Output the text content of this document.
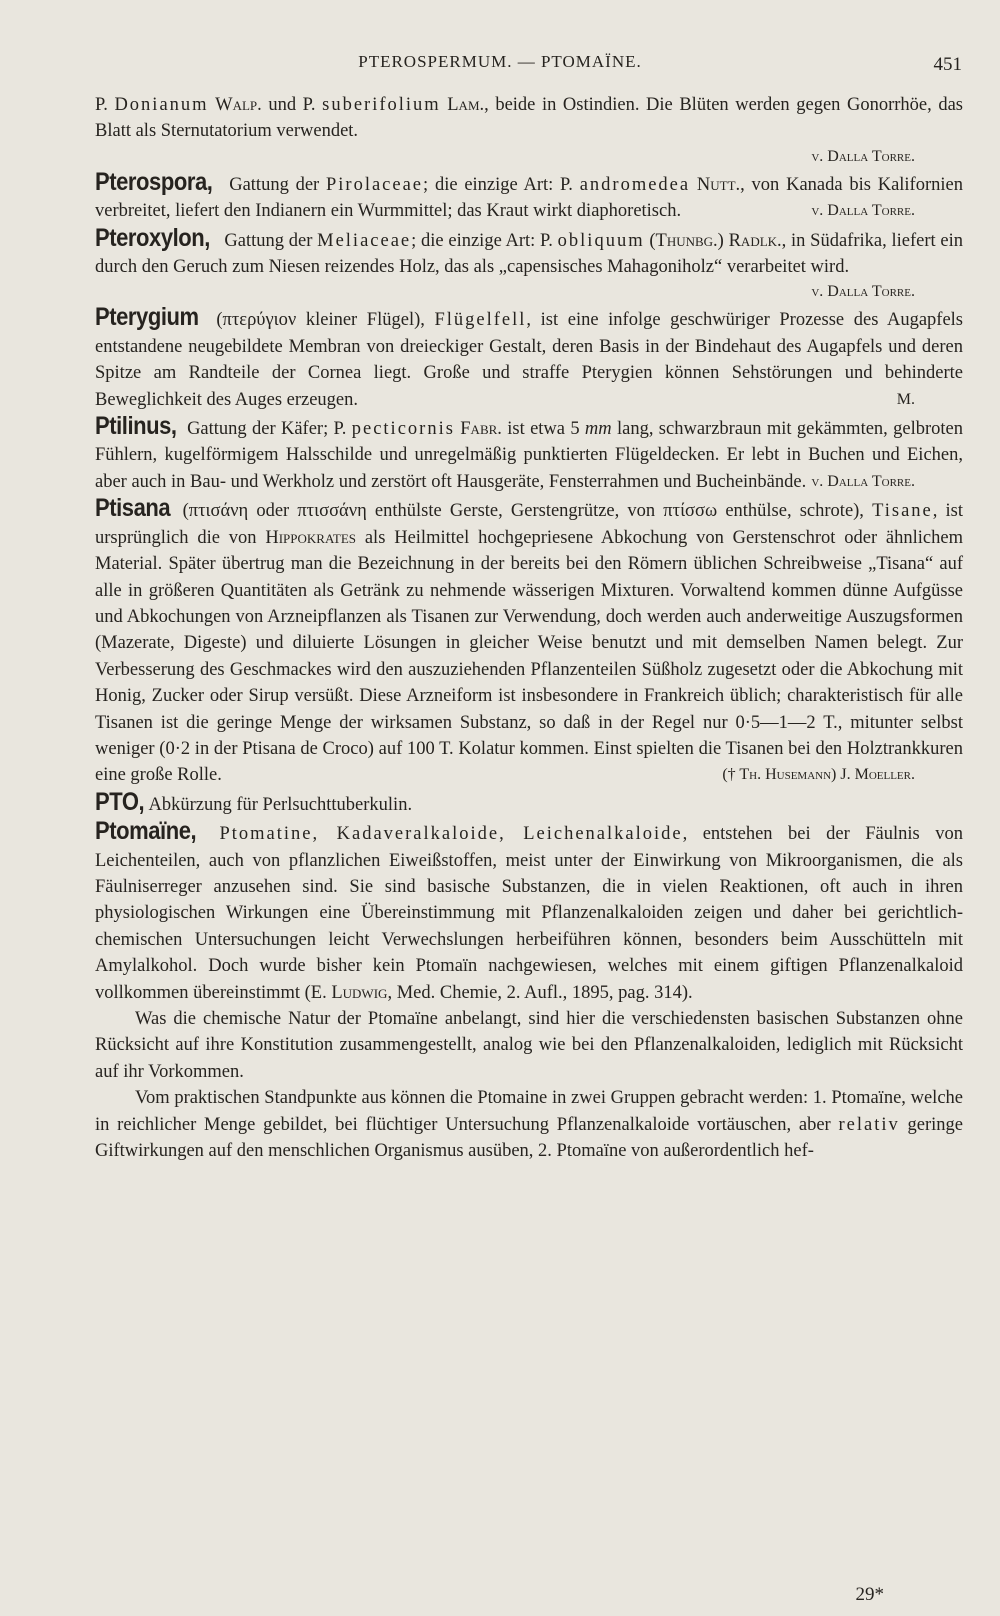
PTEROSPERMUM. — PTOMAÏNE.	451

P. Donianum Walp. und P. suberifolium Lam., beide in Ostindien. Die Blüten werden gegen Gonorrhöe, das Blatt als Sternutatorium verwendet.

v. Dalla Torre.

Pterospora, Gattung der Pirolaceae; die einzige Art: P. andromedea Nutt., von Kanada bis Kalifornien verbreitet, liefert den Indianern ein Wurmmittel; das Kraut wirkt diaphoretisch.	v. Dalla Torre.

Pteroxylon, Gattung der Meliaceae; die einzige Art: P. obliquum (Thunbg.) Radlk., in Südafrika, liefert ein durch den Geruch zum Niesen reizendes Holz, das als „capensisches Mahagoniholz“ verarbeitet wird.

v. Dalla Torre.

Pterygium (πτερύγιον kleiner Flügel), Flügelfell, ist eine infolge geschwüriger Prozesse des Augapfels entstandene neugebildete Membran von dreieckiger Gestalt, deren Basis in der Bindehaut des Augapfels und deren Spitze am Randteile der Cornea liegt. Große und straffe Pterygien können Sehstörungen und behinderte Beweglichkeit des Auges erzeugen.	M.

Ptilinus, Gattung der Käfer; P. pecticornis Fabr. ist etwa 5 mm lang, schwarzbraun mit gekämmten, gelbroten Fühlern, kugelförmigem Halsschilde und unregelmäßig punktierten Flügeldecken. Er lebt in Buchen und Eichen, aber auch in Bau- und Werkholz und zerstört oft Hausgeräte, Fensterrahmen und Bucheinbände. v. Dalla Torre.

Ptisana (πτισάνη oder πτισσάνη enthülste Gerste, Gerstengrütze, von πτίσσω enthülse, schrote), Tisane, ist ursprünglich die von Hippokrates als Heilmittel hochgepriesene Abkochung von Gerstenschrot oder ähnlichem Material. Später übertrug man die Bezeichnung in der bereits bei den Römern üblichen Schreibweise „Tisana“ auf alle in größeren Quantitäten als Getränk zu nehmende wässerigen Mixturen. Vorwaltend kommen dünne Aufgüsse und Abkochungen von Arzneipflanzen als Tisanen zur Verwendung, doch werden auch anderweitige Auszugsformen (Mazerate, Digeste) und diluierte Lösungen in gleicher Weise benutzt und mit demselben Namen belegt. Zur Verbesserung des Geschmackes wird den auszuziehenden Pflanzenteilen Süßholz zugesetzt oder die Abkochung mit Honig, Zucker oder Sirup versüßt. Diese Arzneiform ist insbesondere in Frankreich üblich; charakteristisch für alle Tisanen ist die geringe Menge der wirksamen Substanz, so daß in der Regel nur 0·5—1—2 T., mitunter selbst weniger (0·2 in der Ptisana de Croco) auf 100 T. Kolatur kommen. Einst spielten die Tisanen bei den Holztrankkuren eine große Rolle.	(† Th. Husemann) J. Moeller.

PTO, Abkürzung für Perlsuchttuberkulin.

Ptomaïne, Ptomatine, Kadaveralkaloide, Leichenalkaloide, entstehen bei der Fäulnis von Leichenteilen, auch von pflanzlichen Eiweißstoffen, meist unter der Einwirkung von Mikroorganismen, die als Fäulniserreger anzusehen sind. Sie sind basische Substanzen, die in vielen Reaktionen, oft auch in ihren physiologischen Wirkungen eine Übereinstimmung mit Pflanzenalkaloiden zeigen und daher bei gerichtlich-chemischen Untersuchungen leicht Verwechslungen herbeiführen können, besonders beim Ausschütteln mit Amylalkohol. Doch wurde bisher kein Ptomaïn nachgewiesen, welches mit einem giftigen Pflanzenalkaloid vollkommen übereinstimmt (E. Ludwig, Med. Chemie, 2. Aufl., 1895, pag. 314).

Was die chemische Natur der Ptomaïne anbelangt, sind hier die verschiedensten basischen Substanzen ohne Rücksicht auf ihre Konstitution zusammengestellt, analog wie bei den Pflanzenalkaloiden, lediglich mit Rücksicht auf ihr Vorkommen.

Vom praktischen Standpunkte aus können die Ptomaine in zwei Gruppen gebracht werden: 1. Ptomaïne, welche in reichlicher Menge gebildet, bei flüchtiger Untersuchung Pflanzenalkaloide vortäuschen, aber relativ geringe Giftwirkungen auf den menschlichen Organismus ausüben, 2. Ptomaïne von außerordentlich hef-

29*
